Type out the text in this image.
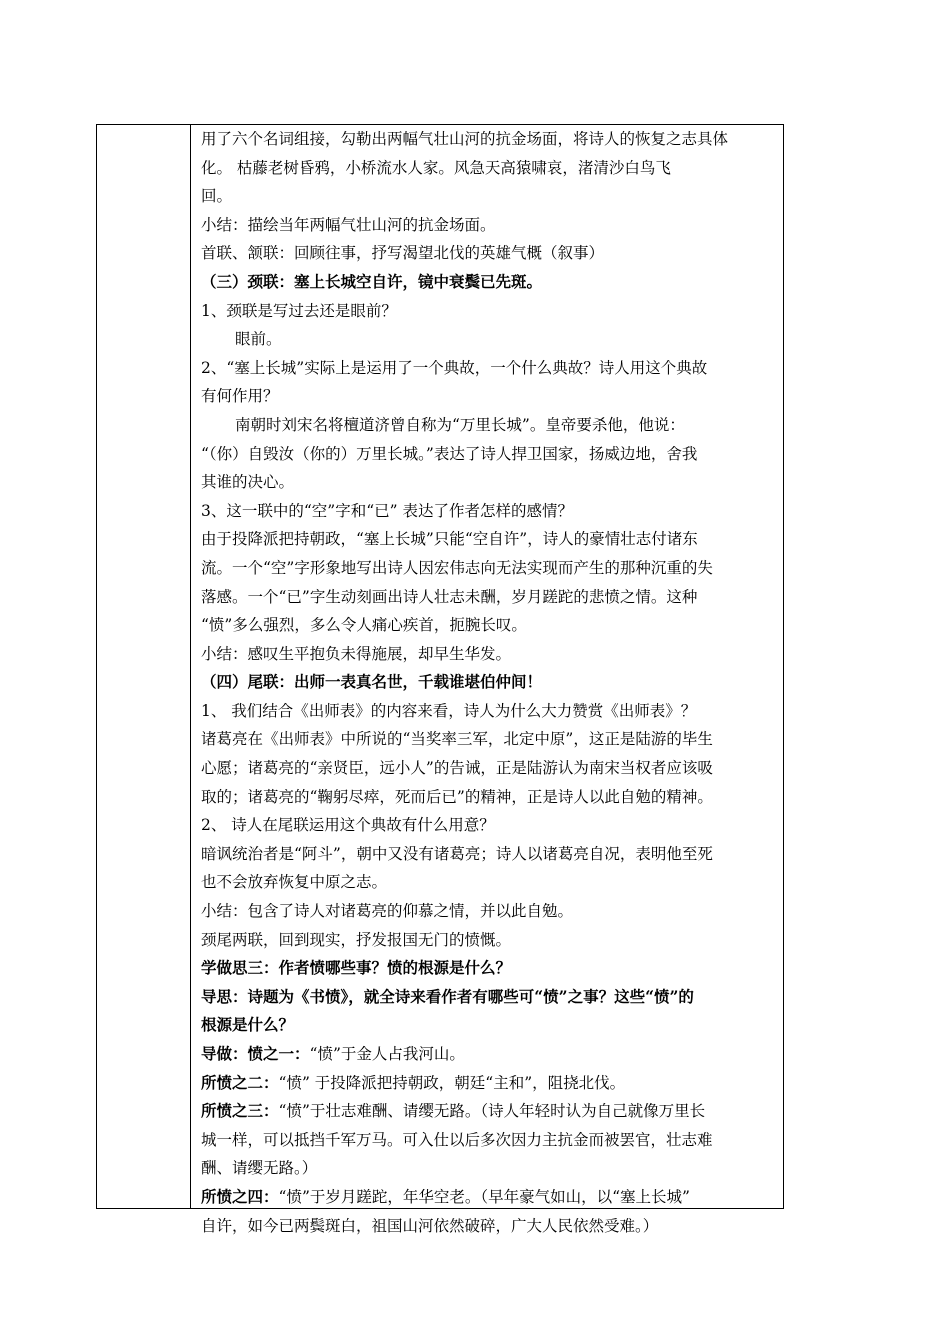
用了六个名词组接，勾勒出两幅气壮山河的抗金场面，将诗人的恢复之志具体

化。 枯藤老树昏鸦，小桥流水人家。风急天高猿啸哀，渚清沙白鸟飞

回。

小结：描绘当年两幅气壮山河的抗金场面。

首联、颔联：回顾往事，抒写渴望北伐的英雄气概（叙事）

（三）颈联：塞上长城空自许，镜中衰鬓已先斑。

1、颈联是写过去还是眼前？

眼前。

2、“塞上长城”实际上是运用了一个典故，一个什么典故？诗人用这个典故

有何作用？

南朝时刘宋名将檀道济曾自称为“万里长城”。皇帝要杀他，他说：

“（你）自毁汝（你的）万里长城。”表达了诗人捍卫国家，扬威边地，舍我

其谁的决心。

3、这一联中的“空”字和“已” 表达了作者怎样的感情？

由于投降派把持朝政，“塞上长城”只能“空自许”，诗人的豪情壮志付诸东

流。一个“空”字形象地写出诗人因宏伟志向无法实现而产生的那种沉重的失

落感。一个“已”字生动刻画出诗人壮志未酬，岁月蹉跎的悲愤之情。这种

“愤”多么强烈，多么令人痛心疾首，扼腕长叹。

小结：感叹生平抱负未得施展，却早生华发。

（四）尾联：出师一表真名世，千载谁堪伯仲间！

1、 我们结合《出师表》的内容来看，诗人为什么大力赞赏《出师表》？

诸葛亮在《出师表》中所说的“当奖率三军，北定中原”，这正是陆游的毕生

心愿；诸葛亮的“亲贤臣，远小人”的告诫，正是陆游认为南宋当权者应该吸

取的；诸葛亮的“鞠躬尽瘁，死而后已”的精神，正是诗人以此自勉的精神。

2、 诗人在尾联运用这个典故有什么用意？

暗讽统治者是“阿斗”，朝中又没有诸葛亮；诗人以诸葛亮自况，表明他至死

也不会放弃恢复中原之志。

小结：包含了诗人对诸葛亮的仰慕之情，并以此自勉。

颈尾两联，回到现实，抒发报国无门的愤慨。

学做思三：作者愤哪些事？愤的根源是什么？

导思：诗题为《书愤》，就全诗来看作者有哪些可“愤”之事？这些“愤”的

根源是什么？

导做：愤之一：“愤”于金人占我河山。

所愤之二：“愤” 于投降派把持朝政，朝廷“主和”，阻挠北伐。

所愤之三：“愤”于壮志难酬、请缨无路。（诗人年轻时认为自己就像万里长

城一样，可以抵挡千军万马。可入仕以后多次因力主抗金而被罢官，壮志难

酬、请缨无路。）

所愤之四：“愤”于岁月蹉跎，年华空老。（早年豪气如山，以“塞上长城”

自许，如今已两鬓斑白，祖国山河依然破碎，广大人民依然受难。）
